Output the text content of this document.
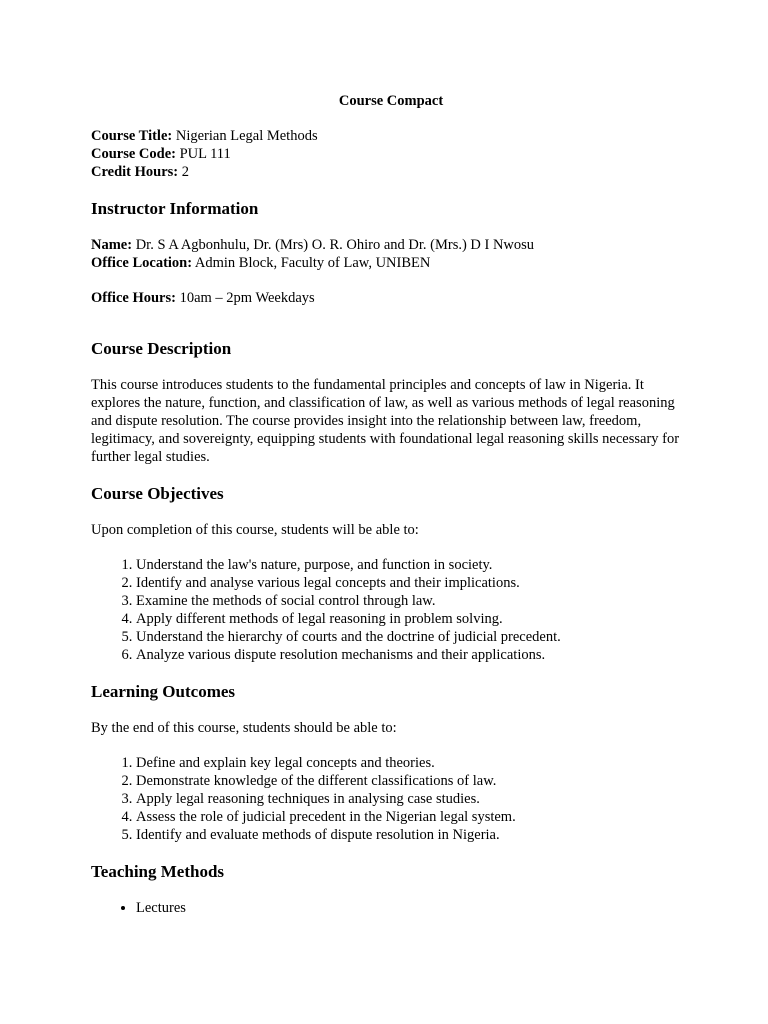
Course Compact

Course Title: Nigerian Legal Methods

Course Code: PUL 111

Credit Hours: 2

Instructor Information

Name: Dr. S A Agbonhulu, Dr. (Mrs) O. R. Ohiro and Dr. (Mrs.) D I Nwosu

Office Location: Admin Block, Faculty of Law, UNIBEN

Office Hours: 10am – 2pm Weekdays

Course Description

This course introduces students to the fundamental principles and concepts of law in Nigeria. It explores the nature, function, and classification of law, as well as various methods of legal reasoning and dispute resolution. The course provides insight into the relationship between law, freedom, legitimacy, and sovereignty, equipping students with foundational legal reasoning skills necessary for further legal studies.

Course Objectives

Upon completion of this course, students will be able to:

1. Understand the law's nature, purpose, and function in society.
2. Identify and analyse various legal concepts and their implications.
3. Examine the methods of social control through law.
4. Apply different methods of legal reasoning in problem solving.
5. Understand the hierarchy of courts and the doctrine of judicial precedent.
6. Analyze various dispute resolution mechanisms and their applications.
Learning Outcomes

By the end of this course, students should be able to:

1. Define and explain key legal concepts and theories.
2. Demonstrate knowledge of the different classifications of law.
3. Apply legal reasoning techniques in analysing case studies.
4. Assess the role of judicial precedent in the Nigerian legal system.
5. Identify and evaluate methods of dispute resolution in Nigeria.
Teaching Methods
• Lectures
